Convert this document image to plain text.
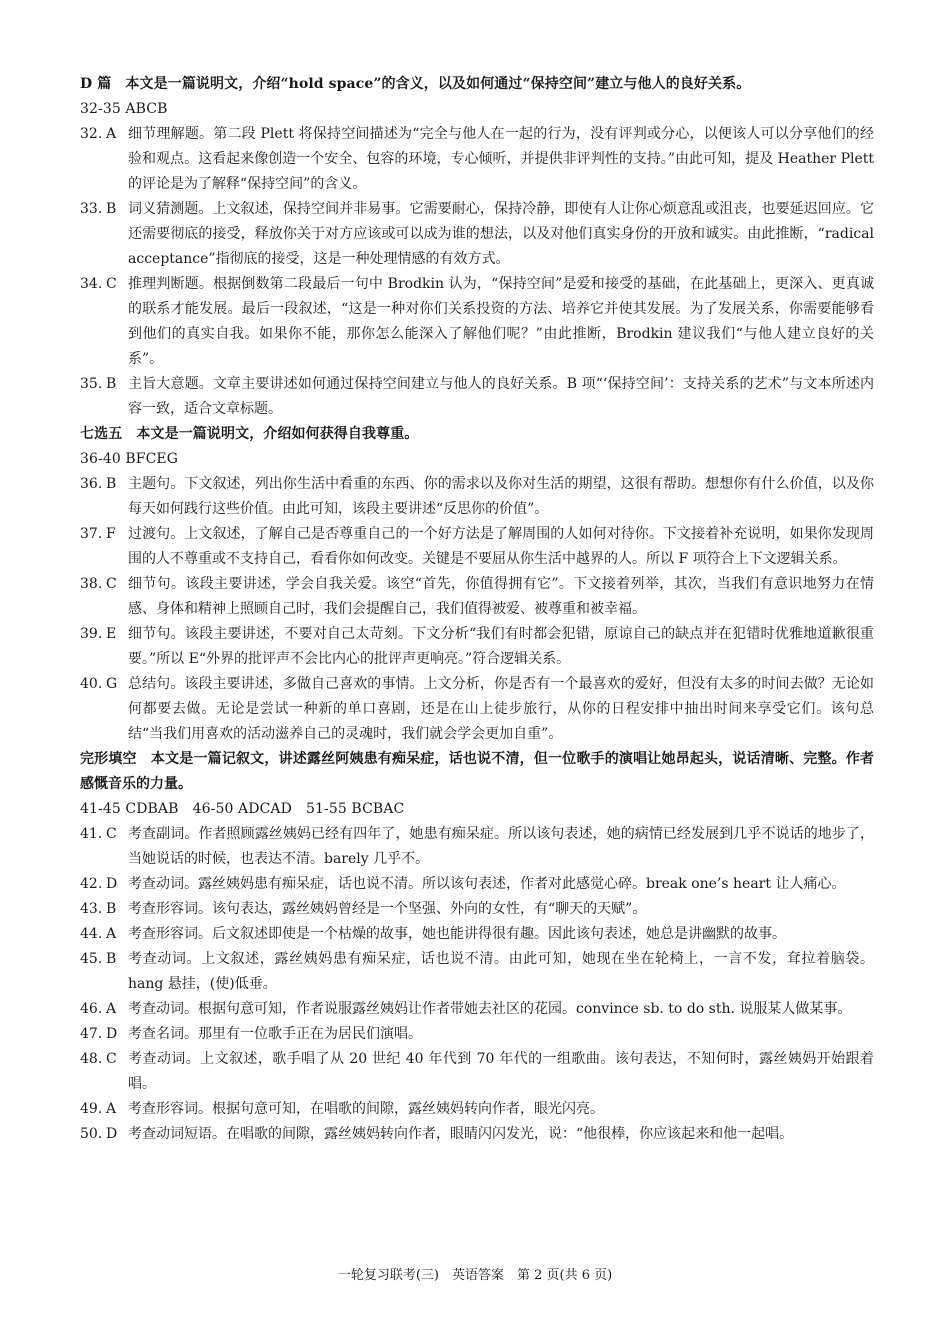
D 篇　本文是一篇说明文，介绍“hold space”的含义，以及如何通过“保持空间”建立与他人的良好关系。
32-35 ABCB
32. A 细节理解题。第二段 Plett 将保持空间描述为“完全与他人在一起的行为，没有评判或分心，以便该人可以分享他们的经验和观点。这看起来像创造一个安全、包容的环境，专心倾听，并提供非评判性的支持。”由此可知，提及 Heather Plett 的评论是为了解释“保持空间”的含义。
33. B 词义猜测题。上文叙述，保持空间并非易事。它需要耐心，保持冷静，即使有人让你心烦意乱或沮丧，也要延迟回应。它还需要彻底的接受，释放你关于对方应该或可以成为谁的想法，以及对他们真实身份的开放和诚实。由此推断，“radical acceptance”指彻底的接受，这是一种处理情感的有效方式。
34. C 推理判断题。根据倒数第二段最后一句中 Brodkin 认为，“保持空间”是爱和接受的基础，在此基础上，更深入、更真诚的联系才能发展。最后一段叙述，“这是一种对你们关系投资的方法、培养它并使其发展。为了发展关系，你需要能够看到他们的真实自我。如果你不能，那你怎么能深入了解他们呢？”由此推断，Brodkin 建议我们“与他人建立良好的关系”。
35. B 主旨大意题。文章主要讲述如何通过保持空间建立与他人的良好关系。B 项“‘保持空间’：支持关系的艺术”与文本所述内容一致，适合文章标题。
七选五　本文是一篇说明文，介绍如何获得自我尊重。
36-40 BFCEG
36. B 主题句。下文叙述，列出你生活中看重的东西、你的需求以及你对生活的期望，这很有帮助。想想你有什么价值，以及你每天如何践行这些价值。由此可知，该段主要讲述“反思你的价值”。
37. F 过渡句。上文叙述，了解自己是否尊重自己的一个好方法是了解周围的人如何对待你。下文接着补充说明，如果你发现周围的人不尊重或不支持自己，看看你如何改变。关键是不要屈从你生活中越界的人。所以 F 项符合上下文逻辑关系。
38. C 细节句。该段主要讲述，学会自我关爱。该空“首先，你值得拥有它”。下文接着列举，其次，当我们有意识地努力在情感、身体和精神上照顾自己时，我们会提醒自己，我们值得被爱、被尊重和被幸福。
39. E 细节句。该段主要讲述，不要对自己太苛刻。下文分析“我们有时都会犯错，原谅自己的缺点并在犯错时优雅地道歉很重要。”所以 E“外界的批评声不会比内心的批评声更响亮。”符合逻辑关系。
40. G 总结句。该段主要讲述，多做自己喜欢的事情。上文分析，你是否有一个最喜欢的爱好，但没有太多的时间去做？无论如何都要去做。无论是尝试一种新的单口喜剧，还是在山上徒步旅行，从你的日程安排中抽出时间来享受它们。该句总结“当我们用喜欢的活动滋养自己的灵魂时，我们就会学会更加自重”。
完形填空　本文是一篇记叙文，讲述露丝阿姨患有痴呆症，话也说不清，但一位歌手的演唱让她昂起头，说话清晰、完整。作者感慨音乐的力量。
41-45 CDBAB　46-50 ADCAD　51-55 BCBAC
41. C 考查副词。作者照顾露丝姨妈已经有四年了，她患有痴呆症。所以该句表述，她的病情已经发展到几乎不说话的地步了，当她说话的时候，也表达不清。barely 几乎不。
42. D 考查动词。露丝姨妈患有痴呆症，话也说不清。所以该句表述，作者对此感觉心碎。break one’s heart 让人痛心。
43. B 考查形容词。该句表达，露丝姨妈曾经是一个坚强、外向的女性，有“聊天的天赋”。
44. A 考查形容词。后文叙述即使是一个枯燥的故事，她也能讲得很有趣。因此该句表述，她总是讲幽默的故事。
45. B 考查动词。上文叙述，露丝姨妈患有痴呆症，话也说不清。由此可知，她现在坐在轮椅上，一言不发，耷拉着脑袋。hang 悬挂，(使)低垂。
46. A 考查动词。根据句意可知，作者说服露丝姨妈让作者带她去社区的花园。convince sb. to do sth. 说服某人做某事。
47. D 考查名词。那里有一位歌手正在为居民们演唱。
48. C 考查动词。上文叙述，歌手唱了从 20 世纪 40 年代到 70 年代的一组歌曲。该句表达，不知何时，露丝姨妈开始跟着唱。
49. A 考查形容词。根据句意可知，在唱歌的间隙，露丝姨妈转向作者，眼光闪亮。
50. D 考查动词短语。在唱歌的间隙，露丝姨妈转向作者，眼睛闪闪发光，说：“他很棒，你应该起来和他一起唱。
一轮复习联考(三)　英语答案　第 2 页(共 6 页)
